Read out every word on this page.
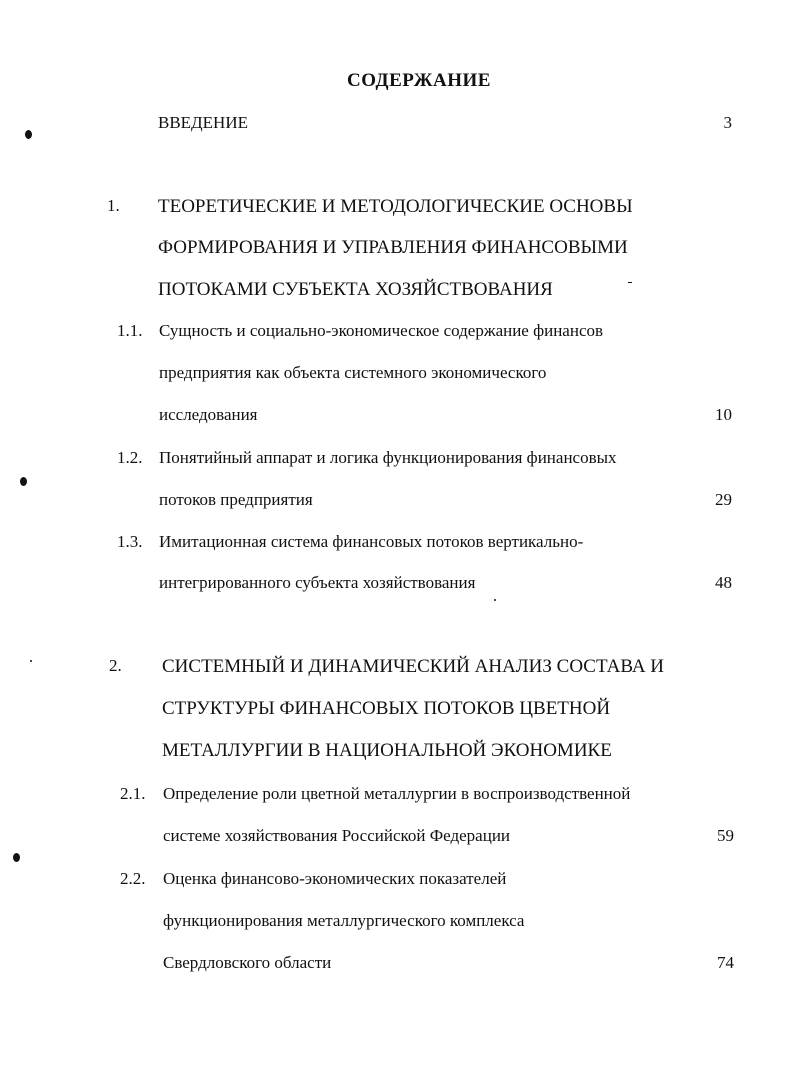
СОДЕРЖАНИЕ
ВВЕДЕНИЕ	3
1. ТЕОРЕТИЧЕСКИЕ И МЕТОДОЛОГИЧЕСКИЕ ОСНОВЫ
ФОРМИРОВАНИЯ И УПРАВЛЕНИЯ ФИНАНСОВЫМИ
ПОТОКАМИ СУБЪЕКТА ХОЗЯЙСТВОВАНИЯ
1.1. Сущность и социально-экономическое содержание финансов
предприятия как объекта системного экономического
исследования	10
1.2. Понятийный аппарат и логика функционирования финансовых
потоков предприятия	29
1.3. Имитационная система финансовых потоков вертикально-
интегрированного субъекта хозяйствования	48
2. СИСТЕМНЫЙ И ДИНАМИЧЕСКИЙ АНАЛИЗ СОСТАВА И
СТРУКТУРЫ ФИНАНСОВЫХ ПОТОКОВ ЦВЕТНОЙ
МЕТАЛЛУРГИИ В НАЦИОНАЛЬНОЙ ЭКОНОМИКЕ
2.1. Определение роли цветной металлургии в воспроизводственной
системе хозяйствования Российской Федерации	59
2.2. Оценка финансово-экономических показателей
функционирования металлургического комплекса
Свердловского области	74
